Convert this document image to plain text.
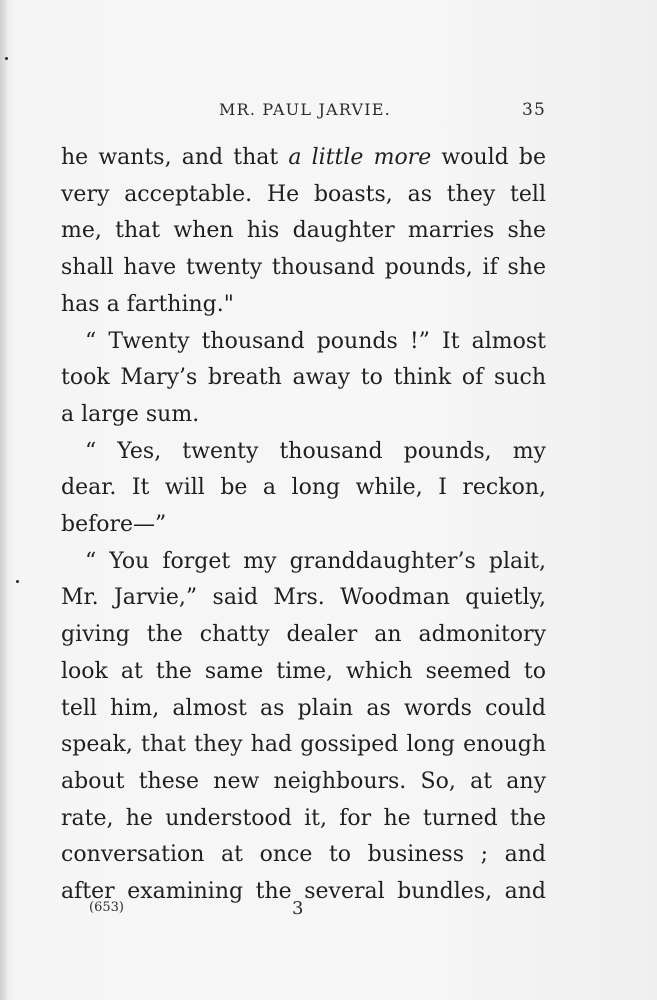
MR. PAUL JARVIE.	35
he wants, and that a little more would be
very acceptable. He boasts, as they tell
me, that when his daughter marries she
shall have twenty thousand pounds, if she
has a farthing."
“ Twenty thousand pounds !” It almost
took Mary’s breath away to think of such
a large sum.
“ Yes, twenty thousand pounds, my
dear. It will be a long while, I reckon,
before—”
“ You forget my granddaughter’s plait,
Mr. Jarvie,” said Mrs. Woodman quietly,
giving the chatty dealer an admonitory
look at the same time, which seemed to
tell him, almost as plain as words could
speak, that they had gossiped long enough
about these new neighbours. So, at any
rate, he understood it, for he turned the
conversation at once to business ; and
after examining the several bundles, and
(653)	3
